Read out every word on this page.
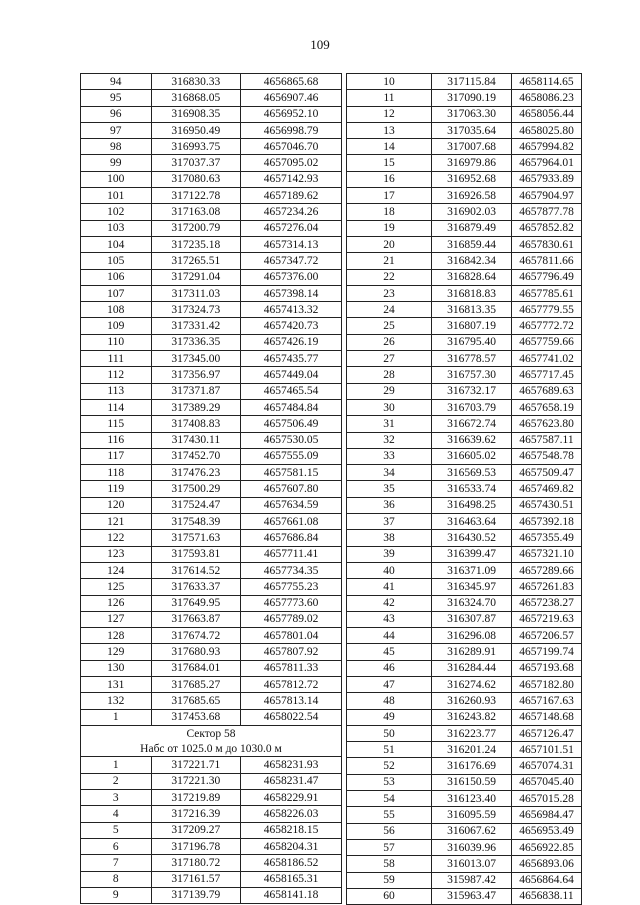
109
94	316830.33	4656865.68
95	316868.05	4656907.46
96	316908.35	4656952.10
97	316950.49	4656998.79
98	316993.75	4657046.70
99	317037.37	4657095.02
100	317080.63	4657142.93
101	317122.78	4657189.62
102	317163.08	4657234.26
103	317200.79	4657276.04
104	317235.18	4657314.13
105	317265.51	4657347.72
106	317291.04	4657376.00
107	317311.03	4657398.14
108	317324.73	4657413.32
109	317331.42	4657420.73
110	317336.35	4657426.19
111	317345.00	4657435.77
112	317356.97	4657449.04
113	317371.87	4657465.54
114	317389.29	4657484.84
115	317408.83	4657506.49
116	317430.11	4657530.05
117	317452.70	4657555.09
118	317476.23	4657581.15
119	317500.29	4657607.80
120	317524.47	4657634.59
121	317548.39	4657661.08
122	317571.63	4657686.84
123	317593.81	4657711.41
124	317614.52	4657734.35
125	317633.37	4657755.23
126	317649.95	4657773.60
127	317663.87	4657789.02
128	317674.72	4657801.04
129	317680.93	4657807.92
130	317684.01	4657811.33
131	317685.27	4657812.72
132	317685.65	4657813.14
1	317453.68	4658022.54
Сектор 58		
Набс от 1025.0 м до 1030.0 м		
1	317221.71	4658231.93
2	317221.30	4658231.47
3	317219.89	4658229.91
4	317216.39	4658226.03
5	317209.27	4658218.15
6	317196.78	4658204.31
7	317180.72	4658186.52
8	317161.57	4658165.31
9	317139.79	4658141.18
10	317115.84	4658114.65
11	317090.19	4658086.23
12	317063.30	4658056.44
13	317035.64	4658025.80
14	317007.68	4657994.82
15	316979.86	4657964.01
16	316952.68	4657933.89
17	316926.58	4657904.97
18	316902.03	4657877.78
19	316879.49	4657852.82
20	316859.44	4657830.61
21	316842.34	4657811.66
22	316828.64	4657796.49
23	316818.83	4657785.61
24	316813.35	4657779.55
25	316807.19	4657772.72
26	316795.40	4657759.66
27	316778.57	4657741.02
28	316757.30	4657717.45
29	316732.17	4657689.63
30	316703.79	4657658.19
31	316672.74	4657623.80
32	316639.62	4657587.11
33	316605.02	4657548.78
34	316569.53	4657509.47
35	316533.74	4657469.82
36	316498.25	4657430.51
37	316463.64	4657392.18
38	316430.52	4657355.49
39	316399.47	4657321.10
40	316371.09	4657289.66
41	316345.97	4657261.83
42	316324.70	4657238.27
43	316307.87	4657219.63
44	316296.08	4657206.57
45	316289.91	4657199.74
46	316284.44	4657193.68
47	316274.62	4657182.80
48	316260.93	4657167.63
49	316243.82	4657148.68
50	316223.77	4657126.47
51	316201.24	4657101.51
52	316176.69	4657074.31
53	316150.59	4657045.40
54	316123.40	4657015.28
55	316095.59	4656984.47
56	316067.62	4656953.49
57	316039.96	4656922.85
58	316013.07	4656893.06
59	315987.42	4656864.64
60	315963.47	4656838.11
